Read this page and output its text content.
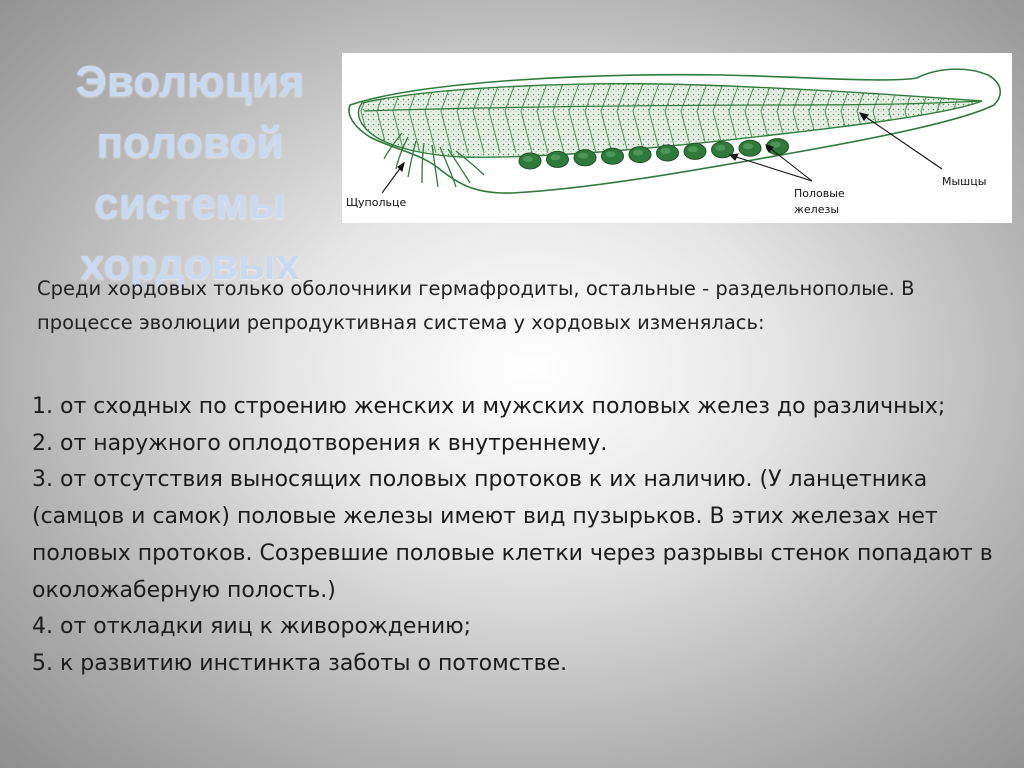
Эволюция
половой
системы
хордовых
Щупольце
Половые
железы
Мышцы
Среди хордовых только оболочники гермафродиты, остальные - раздельнополые. В процессе эволюции репродуктивная система у хордовых изменялась:
1. от сходных по строению женских и мужских половых желез до различных;
2. от наружного оплодотворения к внутреннему.
3. от отсутствия выносящих половых протоков к их наличию. (У ланцетника (самцов и самок) половые железы имеют вид пузырьков. В этих железах нет половых протоков. Созревшие половые клетки через разрывы стенок попадают в околожаберную полость.)
4. от откладки яиц к живорождению;
5. к развитию инстинкта заботы о потомстве.
